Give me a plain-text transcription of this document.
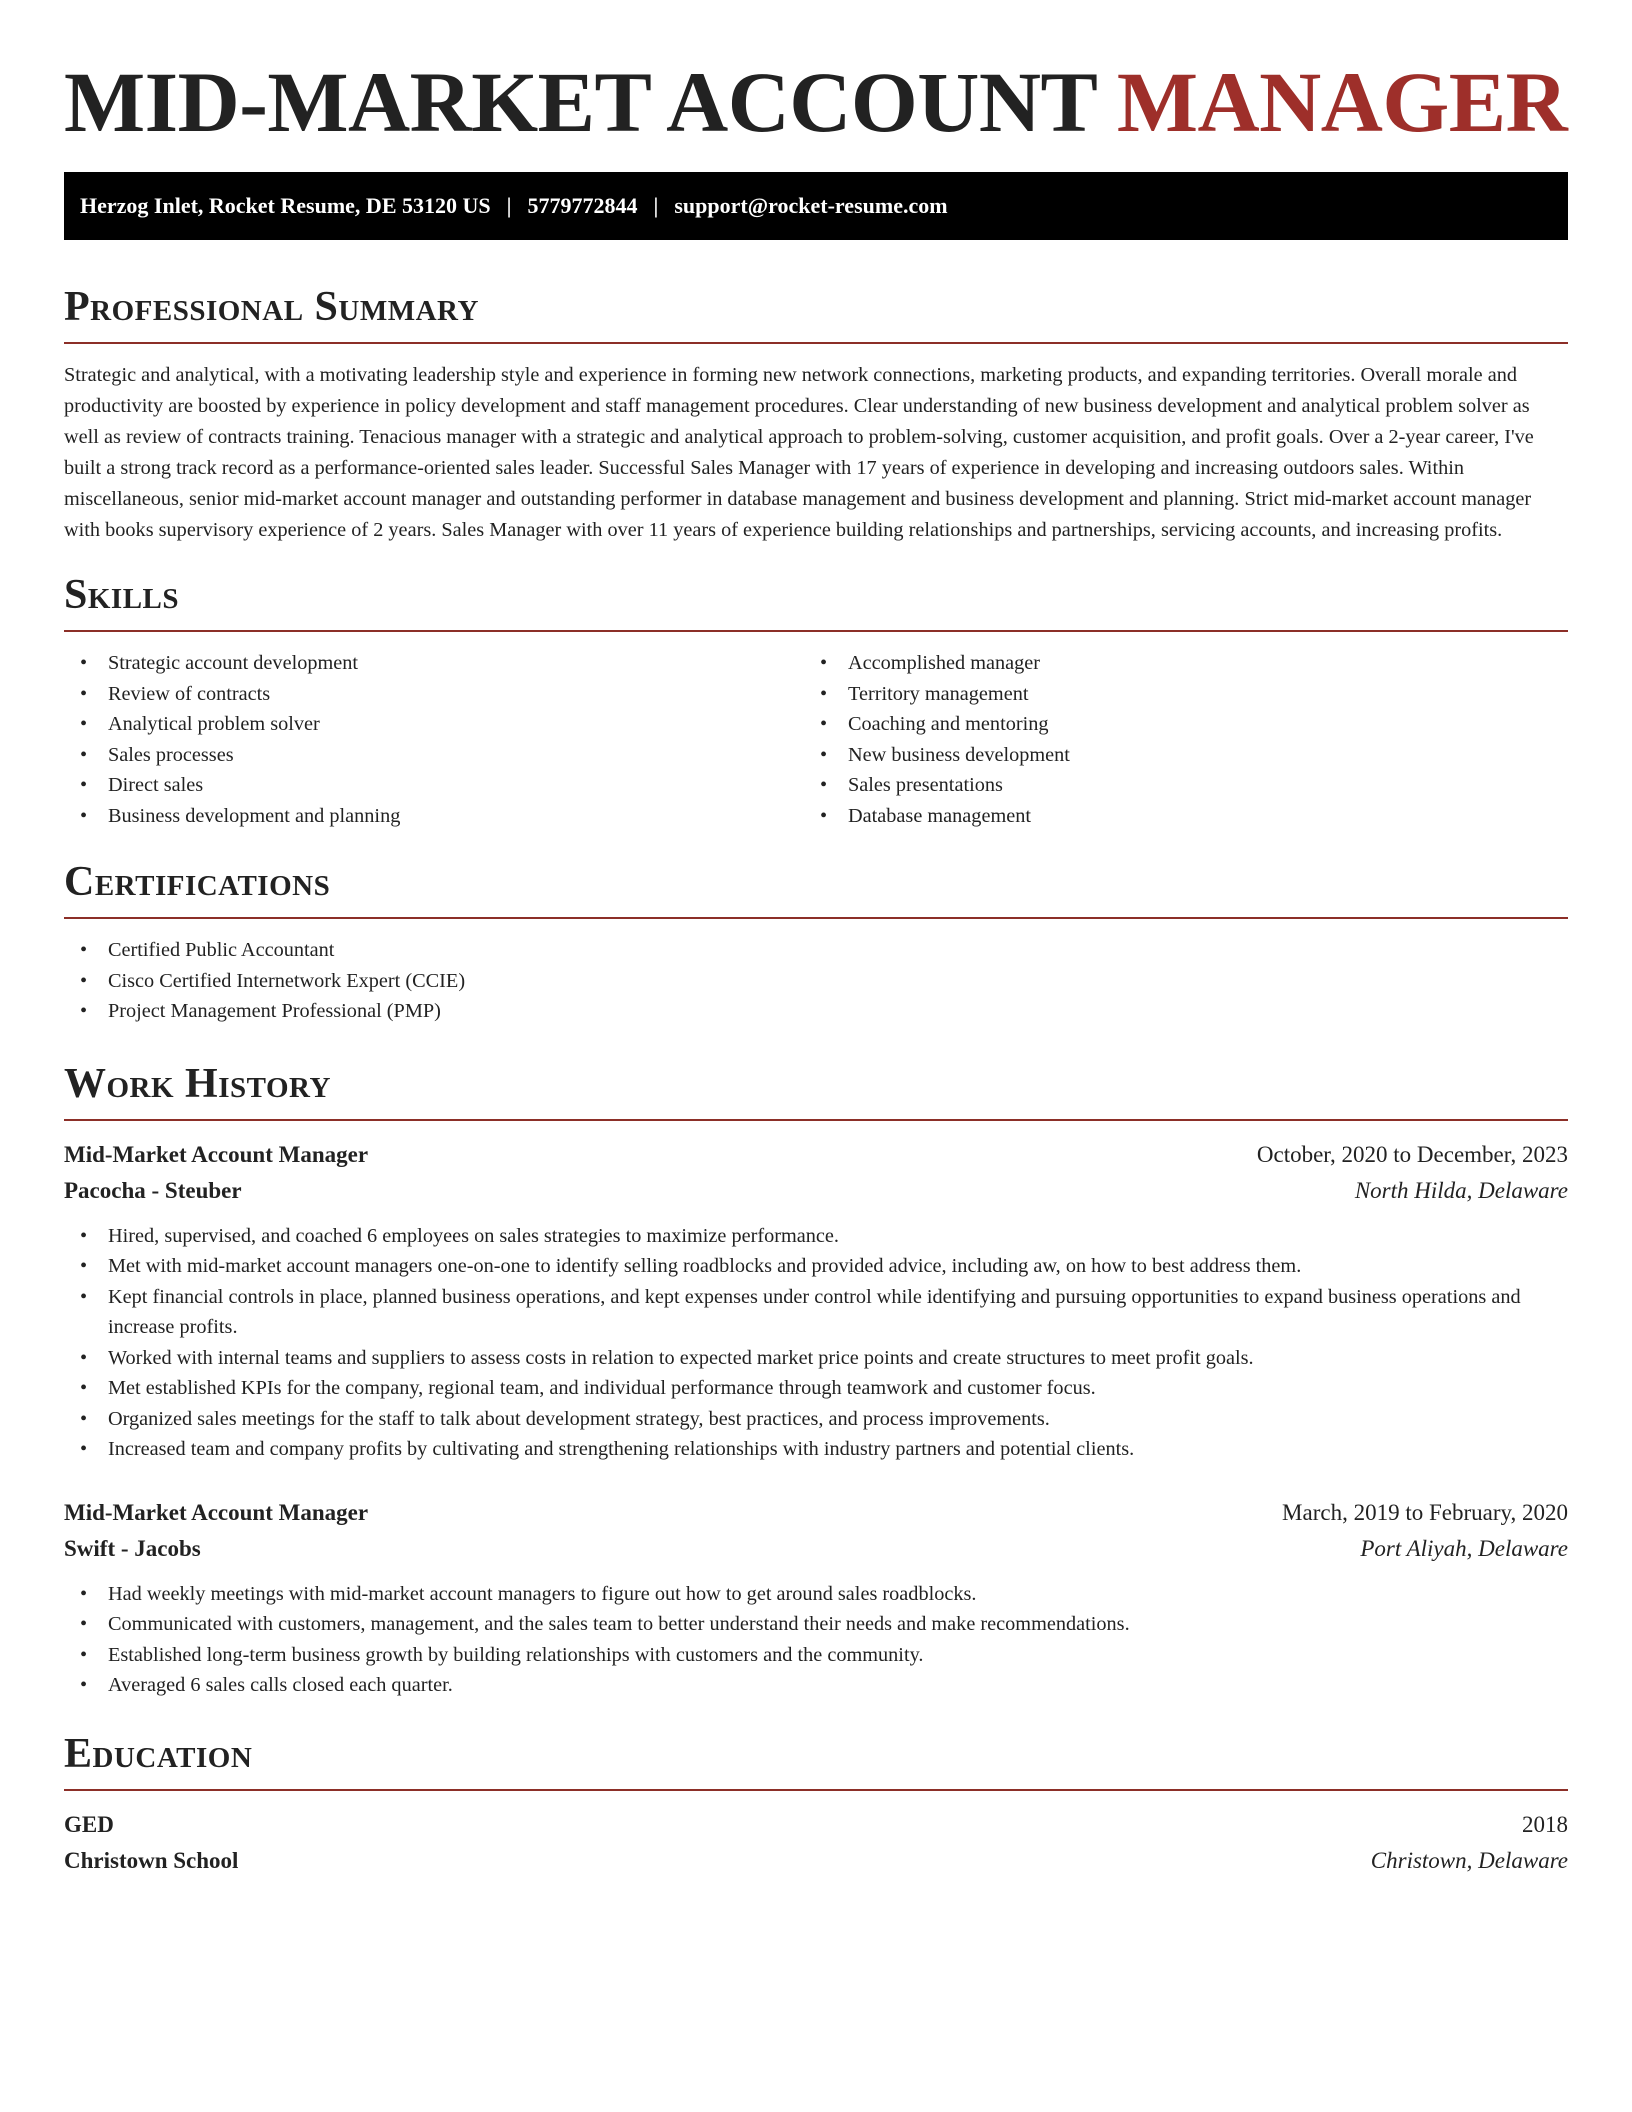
MID-MARKET ACCOUNT MANAGER
Herzog Inlet, Rocket Resume, DE 53120 US | 5779772844 | support@rocket-resume.com
Professional Summary

Strategic and analytical, with a motivating leadership style and experience in forming new network connections, marketing products, and expanding territories. Overall morale and productivity are boosted by experience in policy development and staff management procedures. Clear understanding of new business development and analytical problem solver as well as review of contracts training. Tenacious manager with a strategic and analytical approach to problem-solving, customer acquisition, and profit goals. Over a 2-year career, I've built a strong track record as a performance-oriented sales leader. Successful Sales Manager with 17 years of experience in developing and increasing outdoors sales. Within miscellaneous, senior mid-market account manager and outstanding performer in database management and business development and planning. Strict mid-market account manager with books supervisory experience of 2 years. Sales Manager with over 11 years of experience building relationships and partnerships, servicing accounts, and increasing profits.

Skills
• Strategic account development
• Review of contracts
• Analytical problem solver
• Sales processes
• Direct sales
• Business development and planning
• Accomplished manager
• Territory management
• Coaching and mentoring
• New business development
• Sales presentations
• Database management
Certifications
• Certified Public Accountant
• Cisco Certified Internetwork Expert (CCIE)
• Project Management Professional (PMP)
Work History
Mid-Market Account Manager	October, 2020 to December, 2023
Pacocha - Steuber	North Hilda, Delaware
• Hired, supervised, and coached 6 employees on sales strategies to maximize performance.
• Met with mid-market account managers one-on-one to identify selling roadblocks and provided advice, including aw, on how to best address them.
• Kept financial controls in place, planned business operations, and kept expenses under control while identifying and pursuing opportunities to expand business operations and increase profits.
• Worked with internal teams and suppliers to assess costs in relation to expected market price points and create structures to meet profit goals.
• Met established KPIs for the company, regional team, and individual performance through teamwork and customer focus.
• Organized sales meetings for the staff to talk about development strategy, best practices, and process improvements.
• Increased team and company profits by cultivating and strengthening relationships with industry partners and potential clients.
Mid-Market Account Manager	March, 2019 to February, 2020
Swift - Jacobs	Port Aliyah, Delaware
• Had weekly meetings with mid-market account managers to figure out how to get around sales roadblocks.
• Communicated with customers, management, and the sales team to better understand their needs and make recommendations.
• Established long-term business growth by building relationships with customers and the community.
• Averaged 6 sales calls closed each quarter.
Education
GED	2018
Christown School	Christown, Delaware
